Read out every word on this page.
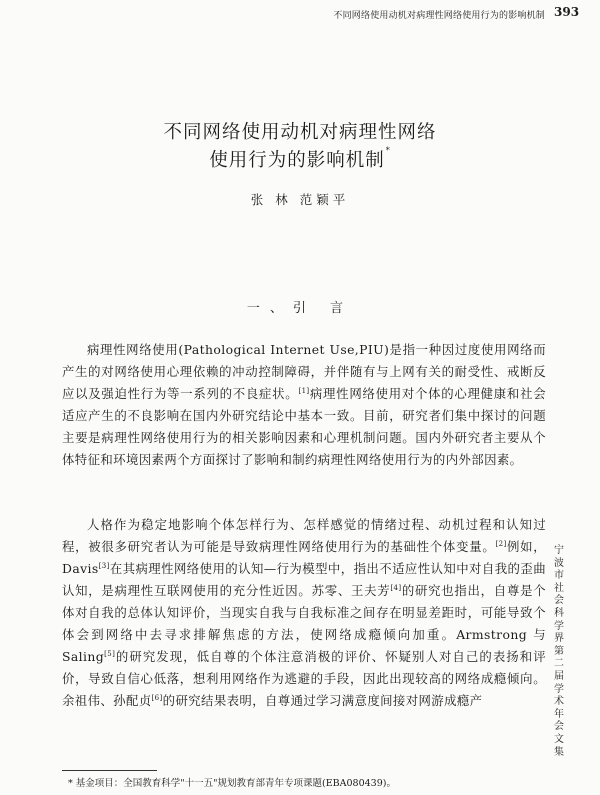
不同网络使用动机对病理性网络使用行为的影响机制 393
不同网络使用动机对病理性网络
使用行为的影响机制*
张 林 范颖平
一、引 言

病理性网络使用(Pathological Internet Use,PIU)是指一种因过度使用网络而产生的对网络使用心理依赖的冲动控制障碍，并伴随有与上网有关的耐受性、戒断反应以及强迫性行为等一系列的不良症状。[1]病理性网络使用对个体的心理健康和社会适应产生的不良影响在国内外研究结论中基本一致。目前，研究者们集中探讨的问题主要是病理性网络使用行为的相关影响因素和心理机制问题。国内外研究者主要从个体特征和环境因素两个方面探讨了影响和制约病理性网络使用行为的内外部因素。

人格作为稳定地影响个体怎样行为、怎样感觉的情绪过程、动机过程和认知过程，被很多研究者认为可能是导致病理性网络使用行为的基础性个体变量。[2]例如，Davis[3]在其病理性网络使用的认知—行为模型中，指出不适应性认知中对自我的歪曲认知，是病理性互联网使用的充分性近因。苏零、王夫芳[4]的研究也指出，自尊是个体对自我的总体认知评价，当现实自我与自我标准之间存在明显差距时，可能导致个体会到网络中去寻求排解焦虑的方法，使网络成瘾倾向加重。Armstrong 与 Saling[5]的研究发现，低自尊的个体注意消极的评价、怀疑别人对自己的表扬和评价，导致自信心低落，想利用网络作为逃避的手段，因此出现较高的网络成瘾倾向。余祖伟、孙配贞[6]的研究结果表明，自尊通过学习满意度间接对网游成瘾产

宁波市社会科学界第二届学术年会文集
* 基金项目：全国教育科学"十一五"规划教育部青年专项课题(EBA080439)。
